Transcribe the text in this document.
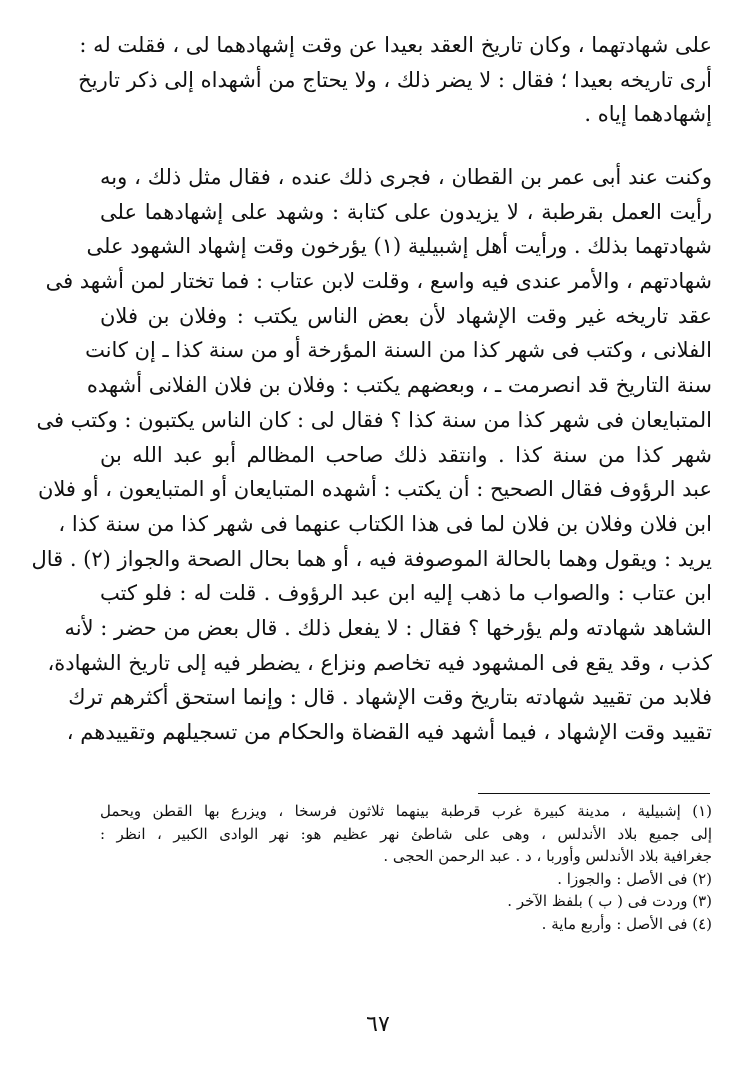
على شهادتهما ، وكان تاريخ العقد بعيدا عن وقت إشهادهما لى ، فقلت له :
أرى تاريخه بعيدا ؛ فقال : لا يضر ذلك ، ولا يحتاج من أشهداه إلى ذكر تاريخ
إشهادهما إياه .
وكنت عند أبى عمر بن القطان ، فجرى ذلك عنده ، فقال مثل ذلك ، وبه
رأيت العمل بقرطبة ، لا يزيدون على كتابة : وشهد على إشهادهما على
شهادتهما بذلك . ورأيت أهل إشبيلية (١) يؤرخون وقت إشهاد الشهود على
شهادتهم ، والأمر عندى فيه واسع ، وقلت لابن عتاب : فما تختار لمن أشهد فى
عقد تاريخه غير وقت الإشهاد لأن بعض الناس يكتب : وفلان بن فلان
الفلانى ، وكتب فى شهر كذا من السنة المؤرخة أو من سنة كذا ـ إن كانت
سنة التاريخ قد انصرمت ـ ، وبعضهم يكتب : وفلان بن فلان الفلانى أشهده
المتبايعان فى شهر كذا من سنة كذا ؟ فقال لى : كان الناس يكتبون : وكتب فى
شهر كذا من سنة كذا . وانتقد ذلك صاحب المظالم أبو عبد الله بن
عبد الرؤوف فقال الصحيح : أن يكتب : أشهده المتبايعان أو المتبايعون ، أو فلان
ابن فلان وفلان بن فلان لما فى هذا الكتاب عنهما فى شهر كذا من سنة كذا ،
يريد : ويقول وهما بالحالة الموصوفة فيه ، أو هما بحال الصحة والجواز (٢) . قال
ابن عتاب : والصواب ما ذهب إليه ابن عبد الرؤوف . قلت له : فلو كتب
الشاهد شهادته ولم يؤرخها ؟ فقال : لا يفعل ذلك . قال بعض من حضر : لأنه
كذب ، وقد يقع فى المشهود فيه تخاصم ونزاع ، يضطر فيه إلى تاريخ الشهادة،
فلابد من تقييد شهادته بتاريخ وقت الإشهاد . قال : وإنما استحق أكثرهم ترك
تقييد وقت الإشهاد ، فيما أشهد فيه القضاة والحكام من تسجيلهم وتقييدهم ،
(١) إشبيلية ، مدينة كبيرة غرب قرطبة بينهما ثلاثون فرسخا ، ويزرع بها القطن ويحمل
إلى جميع بلاد الأندلس ، وهى على شاطئ نهر عظيم هو: نهر الوادى الكبير ، انظر :
جغرافية بلاد الأندلس وأوربا ، د . عبد الرحمن الحجى .
(٢) فى الأصل : والجوزا .
(٣) وردت فى ( ب ) بلفظ الآخر .
(٤) فى الأصل : وأربع ماية .
٦٧
